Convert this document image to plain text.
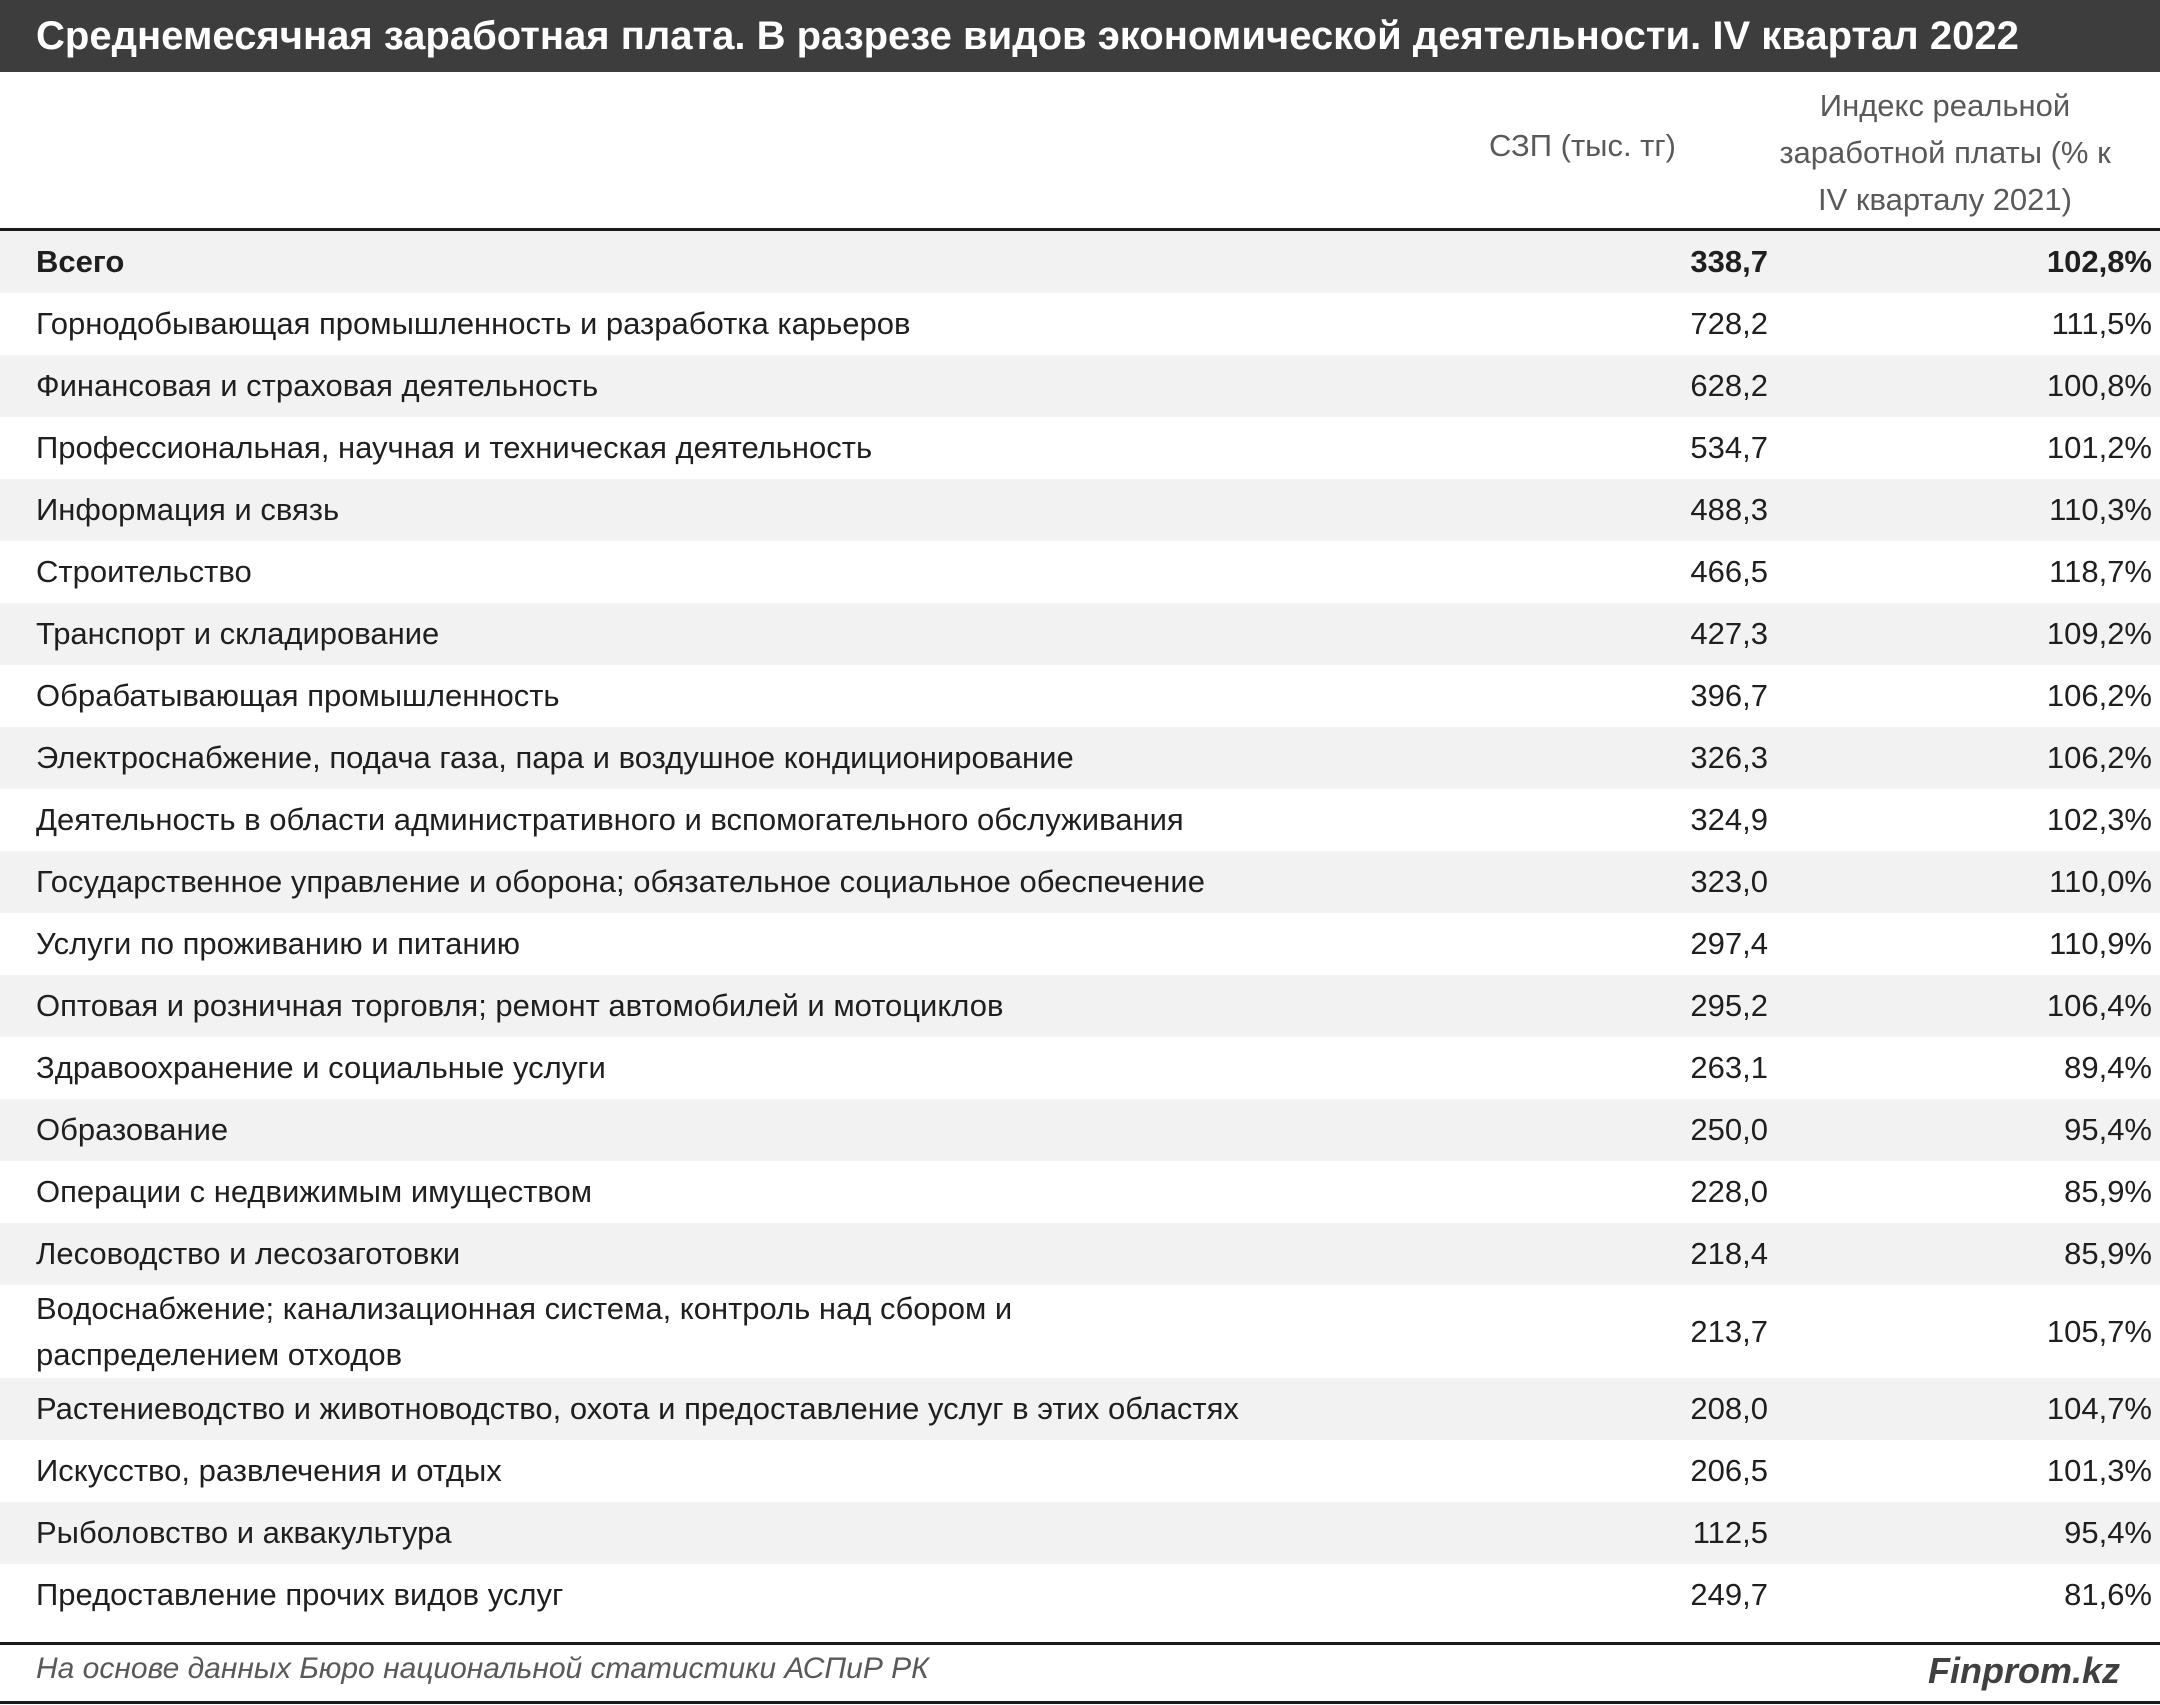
Среднемесячная заработная плата. В разрезе видов экономической деятельности. IV квартал 2022
СЗП (тыс. тг)
Индекс реальной
заработной платы (% к
IV кварталу 2021)
Всего	338,7	102,8%
Горнодобывающая промышленность и разработка карьеров	728,2	111,5%
Финансовая и страховая деятельность	628,2	100,8%
Профессиональная, научная и техническая деятельность	534,7	101,2%
Информация и связь	488,3	110,3%
Строительство	466,5	118,7%
Транспорт и складирование	427,3	109,2%
Обрабатывающая промышленность	396,7	106,2%
Электроснабжение, подача газа, пара и воздушное кондиционирование	326,3	106,2%
Деятельность в области административного и вспомогательного обслуживания	324,9	102,3%
Государственное управление и оборона; обязательное социальное обеспечение	323,0	110,0%
Услуги по проживанию и питанию	297,4	110,9%
Оптовая и розничная торговля; ремонт автомобилей и мотоциклов	295,2	106,4%
Здравоохранение и социальные услуги	263,1	89,4%
Образование	250,0	95,4%
Операции с недвижимым имуществом	228,0	85,9%
Лесоводство и лесозаготовки	218,4	85,9%
Водоснабжение; канализационная система, контроль над сбором и распределением отходов
213,7	105,7%
Растениеводство и животноводство, охота и предоставление услуг в этих областях	208,0	104,7%
Искусство, развлечения и отдых	206,5	101,3%
Рыболовство и аквакультура	112,5	95,4%
Предоставление прочих видов услуг	249,7	81,6%
На основе данных Бюро национальной статистики АСПиР РК	Finprom.kz
